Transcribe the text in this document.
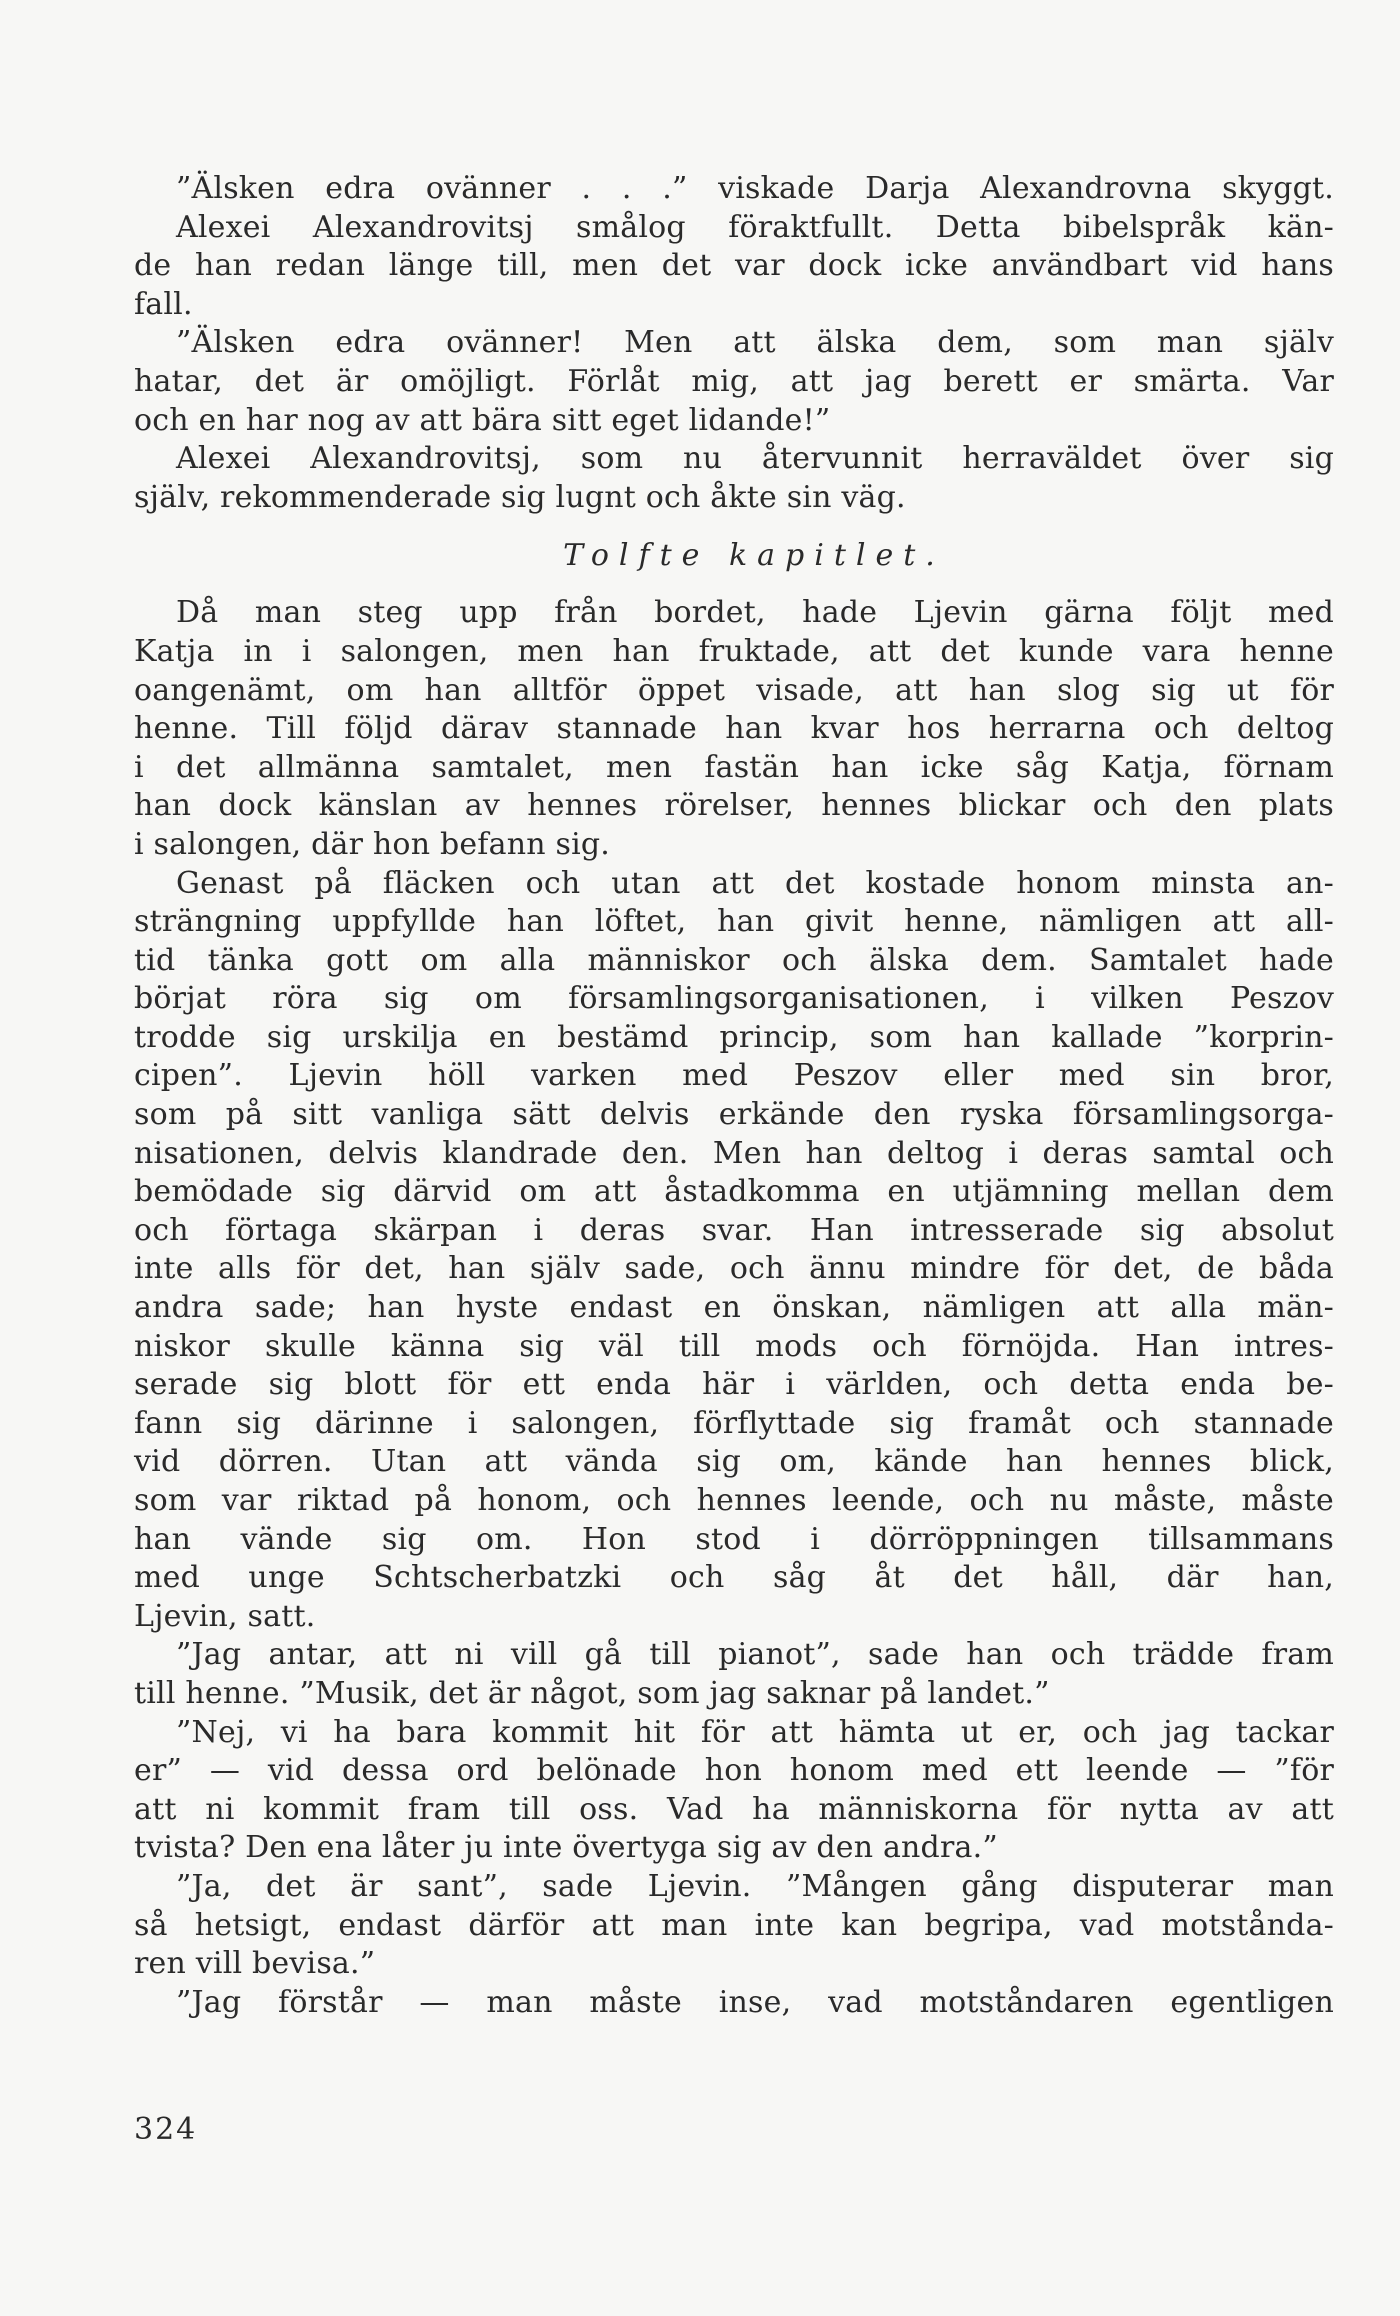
”Älsken edra ovänner . . .” viskade Darja Alexandrovna skyggt.
Alexei Alexandrovitsj smålog föraktfullt. Detta bibelspråk kän-
de han redan länge till, men det var dock icke användbart vid hans
fall.
”Älsken edra ovänner! Men att älska dem, som man själv
hatar, det är omöjligt. Förlåt mig, att jag berett er smärta. Var
och en har nog av att bära sitt eget lidande!”
Alexei Alexandrovitsj, som nu återvunnit herraväldet över sig
själv, rekommenderade sig lugnt och åkte sin väg.
Tolfte kapitlet.
Då man steg upp från bordet, hade Ljevin gärna följt med
Katja in i salongen, men han fruktade, att det kunde vara henne
oangenämt, om han alltför öppet visade, att han slog sig ut för
henne. Till följd därav stannade han kvar hos herrarna och deltog
i det allmänna samtalet, men fastän han icke såg Katja, förnam
han dock känslan av hennes rörelser, hennes blickar och den plats
i salongen, där hon befann sig.
Genast på fläcken och utan att det kostade honom minsta an-
strängning uppfyllde han löftet, han givit henne, nämligen att all-
tid tänka gott om alla människor och älska dem. Samtalet hade
börjat röra sig om församlingsorganisationen, i vilken Peszov
trodde sig urskilja en bestämd princip, som han kallade ”korprin-
cipen”. Ljevin höll varken med Peszov eller med sin bror,
som på sitt vanliga sätt delvis erkände den ryska församlingsorga-
nisationen, delvis klandrade den. Men han deltog i deras samtal och
bemödade sig därvid om att åstadkomma en utjämning mellan dem
och förtaga skärpan i deras svar. Han intresserade sig absolut
inte alls för det, han själv sade, och ännu mindre för det, de båda
andra sade; han hyste endast en önskan, nämligen att alla män-
niskor skulle känna sig väl till mods och förnöjda. Han intres-
serade sig blott för ett enda här i världen, och detta enda be-
fann sig därinne i salongen, förflyttade sig framåt och stannade
vid dörren. Utan att vända sig om, kände han hennes blick,
som var riktad på honom, och hennes leende, och nu måste, måste
han vände sig om. Hon stod i dörröppningen tillsammans
med unge Schtscherbatzki och såg åt det håll, där han,
Ljevin, satt.
”Jag antar, att ni vill gå till pianot”, sade han och trädde fram
till henne. ”Musik, det är något, som jag saknar på landet.”
”Nej, vi ha bara kommit hit för att hämta ut er, och jag tackar
er” — vid dessa ord belönade hon honom med ett leende — ”för
att ni kommit fram till oss. Vad ha människorna för nytta av att
tvista? Den ena låter ju inte övertyga sig av den andra.”
”Ja, det är sant”, sade Ljevin. ”Mången gång disputerar man
så hetsigt, endast därför att man inte kan begripa, vad motstånda-
ren vill bevisa.”
”Jag förstår — man måste inse, vad motståndaren egentligen
324
